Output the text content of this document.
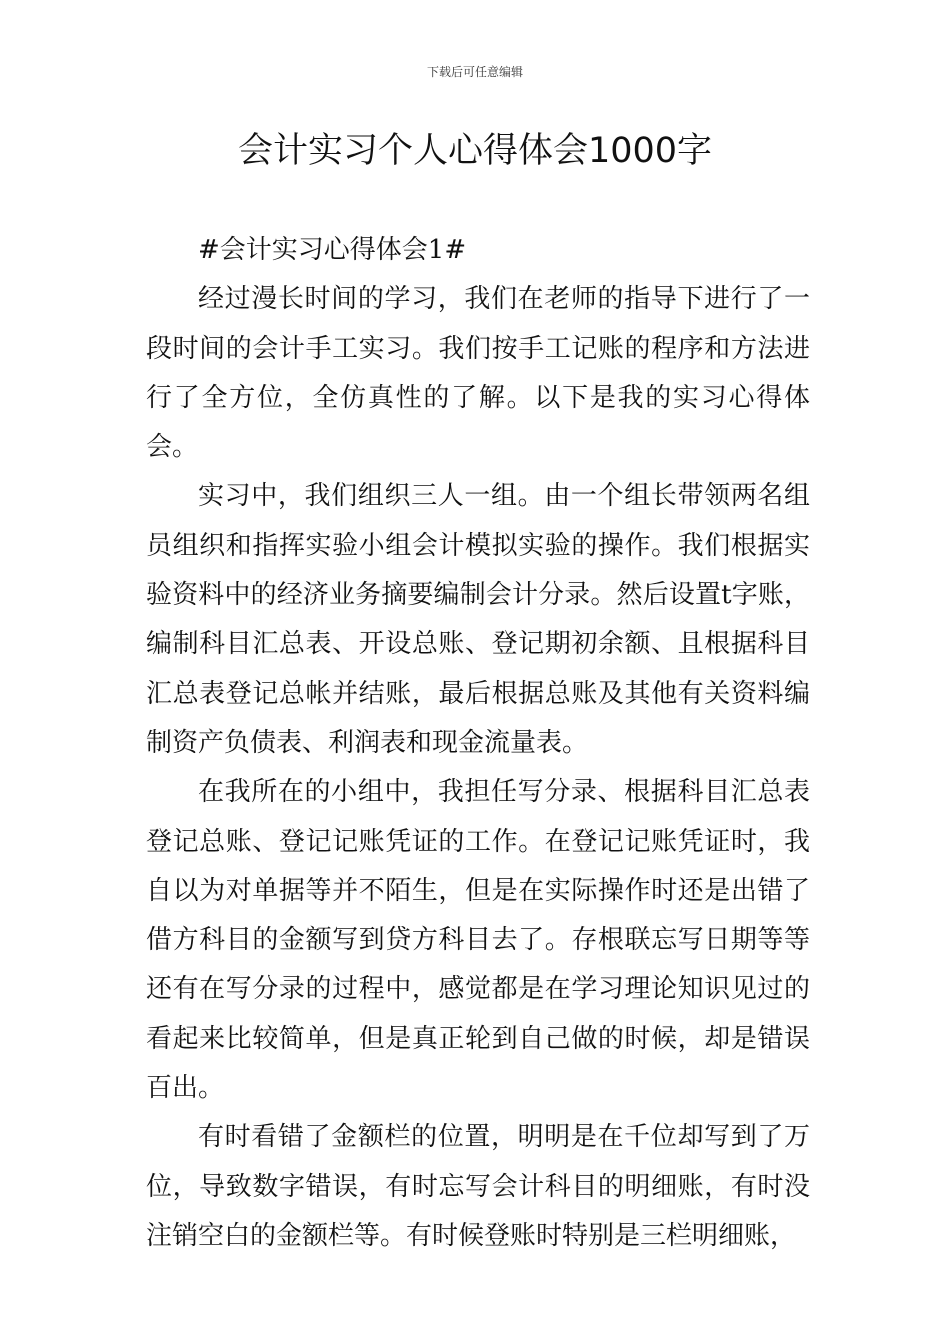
下载后可任意编辑
会计实习个人心得体会1000字

#会计实习心得体会1#

经过漫长时间的学习，我们在老师的指导下进行了一段时间的会计手工实习。我们按手工记账的程序和方法进行了全方位，全仿真性的了解。以下是我的实习心得体会。

实习中，我们组织三人一组。由一个组长带领两名组员组织和指挥实验小组会计模拟实验的操作。我们根据实验资料中的经济业务摘要编制会计分录。然后设置t字账，编制科目汇总表、开设总账、登记期初余额、且根据科目汇总表登记总帐并结账，最后根据总账及其他有关资料编制资产负债表、利润表和现金流量表。

在我所在的小组中，我担任写分录、根据科目汇总表登记总账、登记记账凭证的工作。在登记记账凭证时，我自以为对单据等并不陌生，但是在实际操作时还是出错了借方科目的金额写到贷方科目去了。存根联忘写日期等等还有在写分录的过程中，感觉都是在学习理论知识见过的看起来比较简单，但是真正轮到自己做的时候，却是错误百出。

有时看错了金额栏的位置，明明是在千位却写到了万位，导致数字错误，有时忘写会计科目的明细账，有时没注销空白的金额栏等。有时候登账时特别是三栏明细账，
